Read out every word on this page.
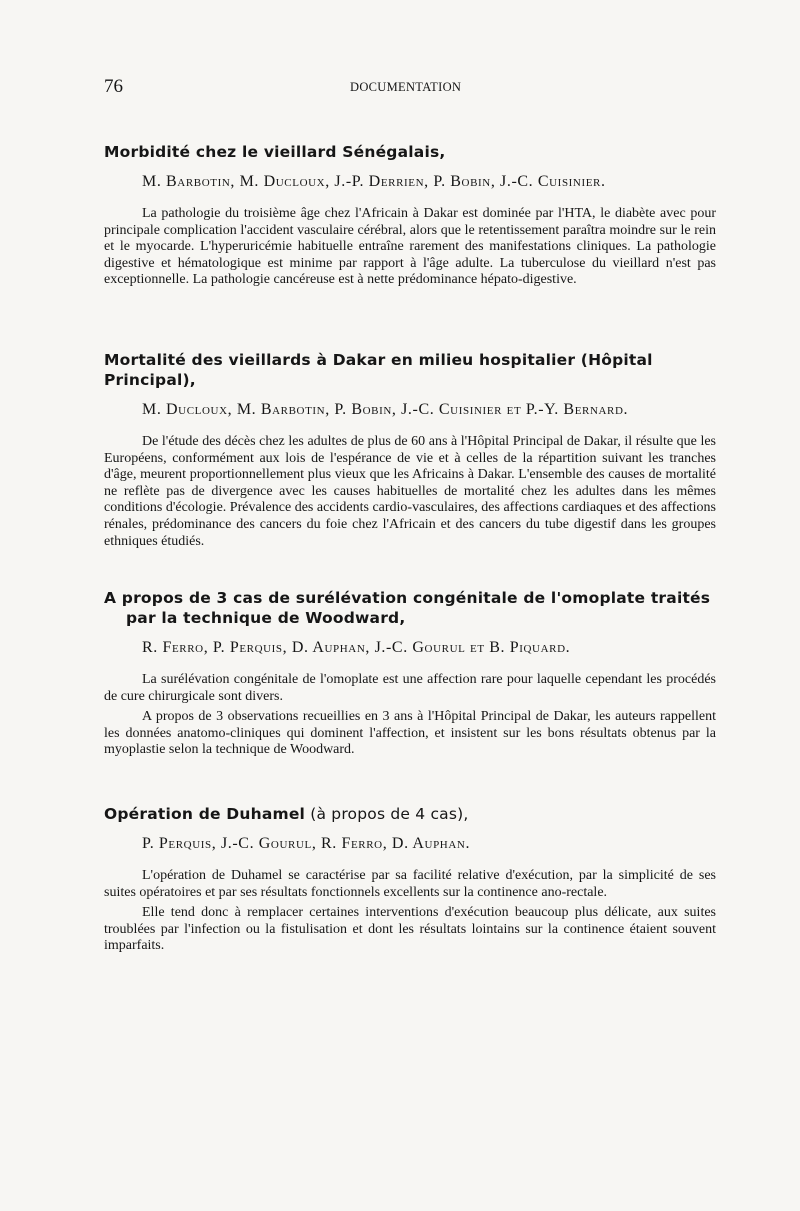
76	DOCUMENTATION
Morbidité chez le vieillard Sénégalais,
M. Barbotin, M. Ducloux, J.-P. Derrien, P. Bobin, J.-C. Cuisinier.

La pathologie du troisième âge chez l'Africain à Dakar est dominée par l'HTA, le diabète avec pour principale complication l'accident vasculaire cérébral, alors que le retentissement paraîtra moindre sur le rein et le myocarde. L'hyperuricémie habituelle entraîne rarement des manifestations cliniques. La pathologie digestive et hématologique est minime par rapport à l'âge adulte. La tuberculose du vieillard n'est pas exceptionnelle. La pathologie cancéreuse est à nette prédominance hépato-digestive.

Mortalité des vieillards à Dakar en milieu hospitalier (Hôpital Principal),
M. Ducloux, M. Barbotin, P. Bobin, J.-C. Cuisinier et P.-Y. Bernard.

De l'étude des décès chez les adultes de plus de 60 ans à l'Hôpital Principal de Dakar, il résulte que les Européens, conformément aux lois de l'espérance de vie et à celles de la répartition suivant les tranches d'âge, meurent proportionnellement plus vieux que les Africains à Dakar. L'ensemble des causes de mortalité ne reflète pas de divergence avec les causes habituelles de mortalité chez les adultes dans les mêmes conditions d'écologie. Prévalence des accidents cardio-vasculaires, des affections cardiaques et des affections rénales, prédominance des cancers du foie chez l'Africain et des cancers du tube digestif dans les groupes ethniques étudiés.

A propos de 3 cas de surélévation congénitale de l'omoplate traités par la technique de Woodward,
R. Ferro, P. Perquis, D. Auphan, J.-C. Gourul et B. Piquard.

La surélévation congénitale de l'omoplate est une affection rare pour laquelle cependant les procédés de cure chirurgicale sont divers.

A propos de 3 observations recueillies en 3 ans à l'Hôpital Principal de Dakar, les auteurs rappellent les données anatomo-cliniques qui dominent l'affection, et insistent sur les bons résultats obtenus par la myoplastie selon la technique de Woodward.

Opération de Duhamel (à propos de 4 cas),
P. Perquis, J.-C. Gourul, R. Ferro, D. Auphan.

L'opération de Duhamel se caractérise par sa facilité relative d'exécution, par la simplicité de ses suites opératoires et par ses résultats fonctionnels excellents sur la continence ano-rectale.

Elle tend donc à remplacer certaines interventions d'exécution beaucoup plus délicate, aux suites troublées par l'infection ou la fistulisation et dont les résultats lointains sur la continence étaient souvent imparfaits.
